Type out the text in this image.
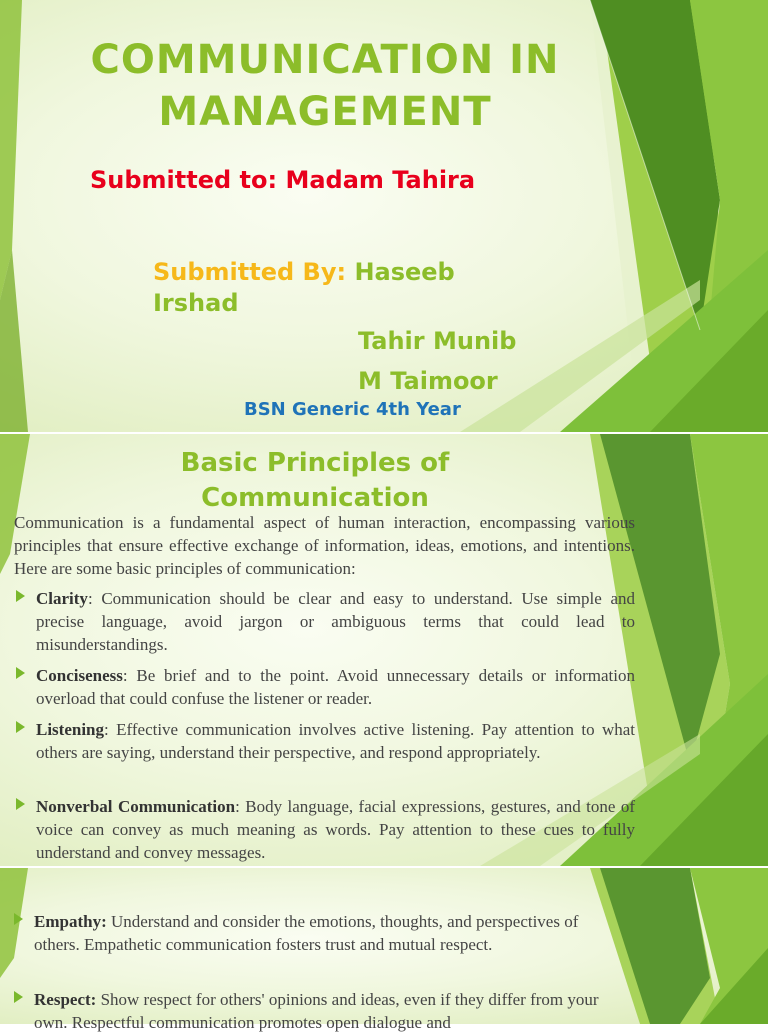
COMMUNICATION IN MANAGEMENT
Submitted to: Madam Tahira
Submitted By: Haseeb Irshad
Tahir Munib
M Taimoor
BSN Generic 4th Year
Basic Principles of Communication
Communication is a fundamental aspect of human interaction, encompassing various principles that ensure effective exchange of information, ideas, emotions, and intentions. Here are some basic principles of communication:
Clarity: Communication should be clear and easy to understand. Use simple and precise language, avoid jargon or ambiguous terms that could lead to misunderstandings.
Conciseness: Be brief and to the point. Avoid unnecessary details or information overload that could confuse the listener or reader.
Listening: Effective communication involves active listening. Pay attention to what others are saying, understand their perspective, and respond appropriately.
Nonverbal Communication: Body language, facial expressions, gestures, and tone of voice can convey as much meaning as words. Pay attention to these cues to fully understand and convey messages.
Empathy: Understand and consider the emotions, thoughts, and perspectives of others. Empathetic communication fosters trust and mutual respect.
Respect: Show respect for others' opinions and ideas, even if they differ from your own. Respectful communication promotes open dialogue and
